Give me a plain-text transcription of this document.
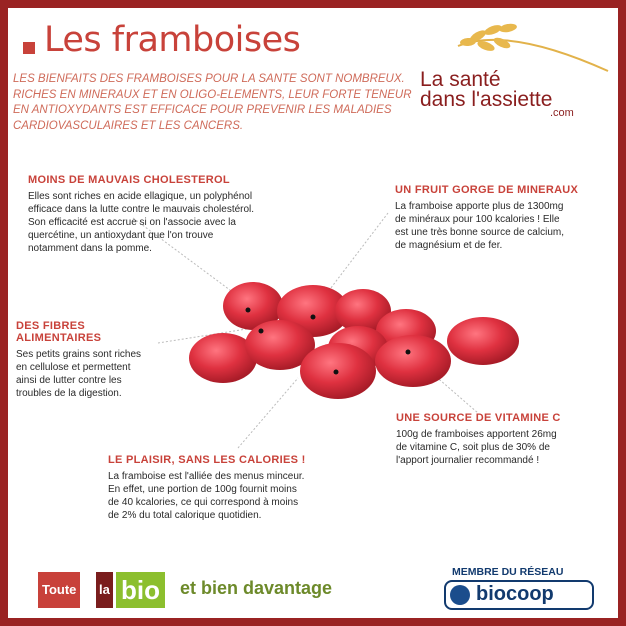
Les framboises
LES BIENFAITS DES FRAMBOISES POUR LA SANTE SONT NOMBREUX.
RICHES EN MINERAUX ET EN OLIGO-ELEMENTS, LEUR FORTE TENEUR
EN ANTIOXYDANTS EST EFFICACE POUR PREVENIR LES MALADIES
CARDIOVASCULAIRES ET LES CANCERS.
La santé
dans l'assiette
.com
MOINS DE MAUVAIS CHOLESTEROL
Elles sont riches en acide ellagique, un polyphénol
efficace dans la lutte contre le mauvais cholestérol.
Son efficacité est accrue si on l'associe avec la
quercétine, un antioxydant que l'on trouve
notamment dans la pomme.
UN FRUIT GORGE DE MINERAUX
La framboise apporte plus de 1300mg
de minéraux pour 100 kcalories ! Elle
est une très bonne source de calcium,
de magnésium et de fer.
DES FIBRES
ALIMENTAIRES
Ses petits grains sont riches
en cellulose et permettent
ainsi de lutter contre les
troubles de la digestion.
UNE SOURCE DE VITAMINE C
100g de framboises apportent 26mg
de vitamine C, soit plus de 30% de
l'apport journalier recommandé !
LE PLAISIR, SANS LES CALORIES !
La framboise est l'alliée des menus minceur.
En effet, une portion de 100g fournit moins
de 40 kcalories, ce qui correspond à moins
de 2% du total calorique quotidien.
Toute	la bio et bien davantage
MEMBRE DU RÉSEAU
biocoop
